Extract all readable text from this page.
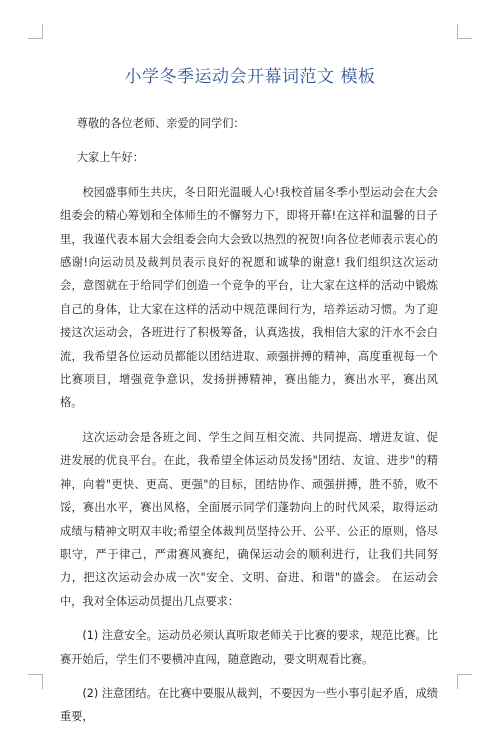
小学冬季运动会开幕词范文 模板

尊敬的各位老师、亲爱的同学们：

大家上午好：

校园盛事师生共庆，冬日阳光温暖人心!我校首届冬季小型运动会在大会组委会的精心筹划和全体师生的不懈努力下，即将开幕!在这祥和温馨的日子里，我谨代表本届大会组委会向大会致以热烈的祝贺!向各位老师表示衷心的感谢!向运动员及裁判员表示良好的祝愿和诚挚的谢意! 我们组织这次运动会，意图就在于给同学们创造一个竞争的平台，让大家在这样的活动中锻炼自己的身体，让大家在这样的活动中规范课间行为，培养运动习惯。为了迎接这次运动会，各班进行了积极筹备，认真选拔，我相信大家的汗水不会白流，我希望各位运动员都能以团结进取、顽强拼搏的精神，高度重视每一个比赛项目，增强竞争意识，发扬拼搏精神，赛出能力，赛出水平，赛出风格。

这次运动会是各班之间、学生之间互相交流、共同提高、增进友谊、促进发展的优良平台。在此，我希望全体运动员发扬"团结、友谊、进步"的精神，向着"更快、更高、更强"的目标，团结协作、顽强拼搏，胜不骄，败不馁，赛出水平，赛出风格，全面展示同学们蓬勃向上的时代风采，取得运动成绩与精神文明双丰收;希望全体裁判员坚持公开、公平、公正的原则，恪尽职守，严于律己，严肃赛风赛纪，确保运动会的顺利进行，让我们共同努力，把这次运动会办成一次"安全、文明、奋进、和谐"的盛会。 在运动会中，我对全体运动员提出几点要求：

(1) 注意安全。运动员必须认真听取老师关于比赛的要求，规范比赛。比赛开始后，学生们不要横冲直闯，随意跑动，要文明观看比赛。

(2) 注意团结。在比赛中要服从裁判，不要因为一些小事引起矛盾，成绩重要，
